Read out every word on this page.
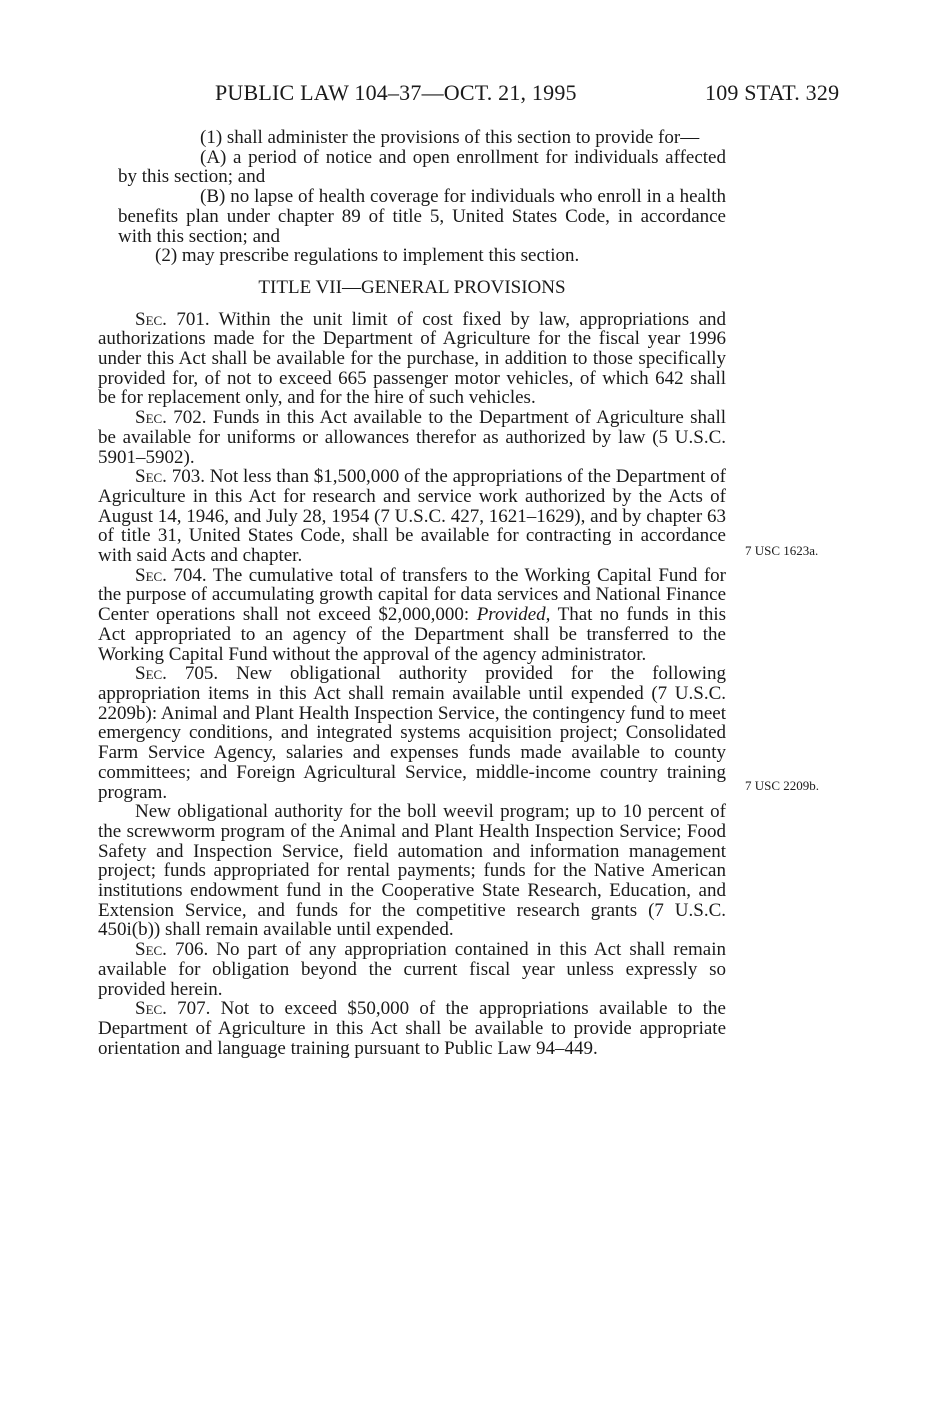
PUBLIC LAW 104–37—OCT. 21, 1995	109 STAT. 329

(1) shall administer the provisions of this section to provide for—

(A) a period of notice and open enrollment for individuals affected by this section; and

(B) no lapse of health coverage for individuals who enroll in a health benefits plan under chapter 89 of title 5, United States Code, in accordance with this section; and

(2) may prescribe regulations to implement this section.

TITLE VII—GENERAL PROVISIONS

Sec. 701. Within the unit limit of cost fixed by law, appropriations and authorizations made for the Department of Agriculture for the fiscal year 1996 under this Act shall be available for the purchase, in addition to those specifically provided for, of not to exceed 665 passenger motor vehicles, of which 642 shall be for replacement only, and for the hire of such vehicles.

Sec. 702. Funds in this Act available to the Department of Agriculture shall be available for uniforms or allowances therefor as authorized by law (5 U.S.C. 5901–5902).

Sec. 703. Not less than $1,500,000 of the appropriations of the Department of Agriculture in this Act for research and service work authorized by the Acts of August 14, 1946, and July 28, 1954 (7 U.S.C. 427, 1621–1629), and by chapter 63 of title 31, United States Code, shall be available for contracting in accordance with said Acts and chapter.

Sec. 704. The cumulative total of transfers to the Working Capital Fund for the purpose of accumulating growth capital for data services and National Finance Center operations shall not exceed $2,000,000: Provided, That no funds in this Act appropriated to an agency of the Department shall be transferred to the Working Capital Fund without the approval of the agency administrator.

Sec. 705. New obligational authority provided for the following appropriation items in this Act shall remain available until expended (7 U.S.C. 2209b): Animal and Plant Health Inspection Service, the contingency fund to meet emergency conditions, and integrated systems acquisition project; Consolidated Farm Service Agency, salaries and expenses funds made available to county committees; and Foreign Agricultural Service, middle-income country training program.

New obligational authority for the boll weevil program; up to 10 percent of the screwworm program of the Animal and Plant Health Inspection Service; Food Safety and Inspection Service, field automation and information management project; funds appropriated for rental payments; funds for the Native American institutions endowment fund in the Cooperative State Research, Education, and Extension Service, and funds for the competitive research grants (7 U.S.C. 450i(b)) shall remain available until expended.

Sec. 706. No part of any appropriation contained in this Act shall remain available for obligation beyond the current fiscal year unless expressly so provided herein.

Sec. 707. Not to exceed $50,000 of the appropriations available to the Department of Agriculture in this Act shall be available to provide appropriate orientation and language training pursuant to Public Law 94–449.

7 USC 1623a.
7 USC 2209b.
